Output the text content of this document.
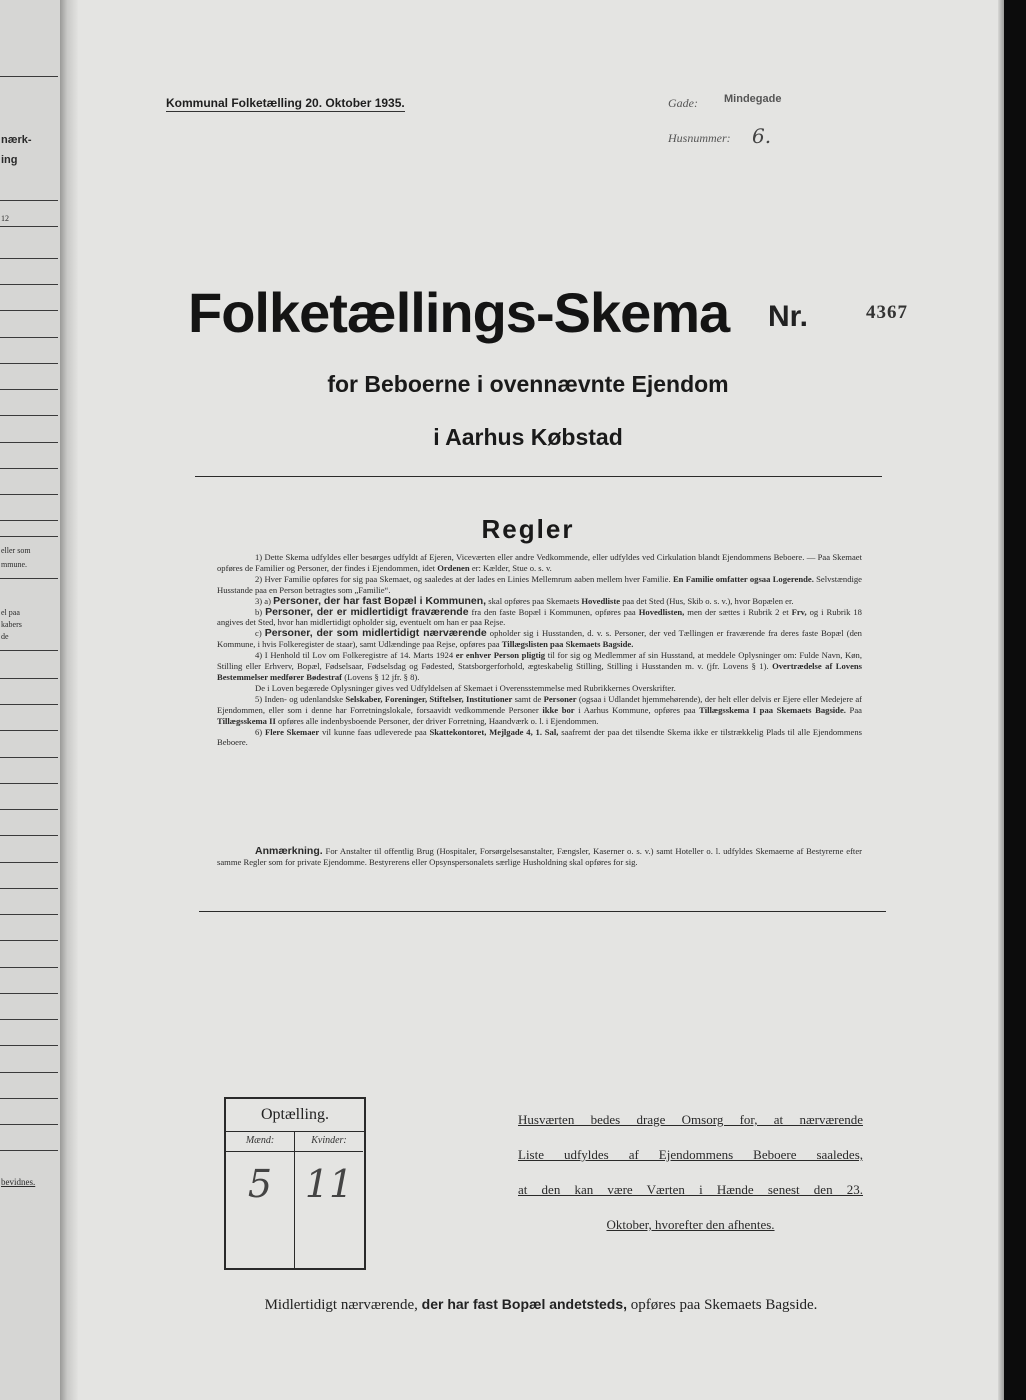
nærk-
ing
12
eller som
mmune.
el paa
kabers
de
bevidnes.
Kommunal Folketælling 20. Oktober 1935.	Gade: Mindegade
Husnummer: 6.
Folketællings-Skema Nr.	4367
for Beboerne i ovennævnte Ejendom
i Aarhus Købstad
Regler

1) Dette Skema udfyldes eller besørges udfyldt af Ejeren, Viceværten eller andre Vedkommende, eller udfyldes ved Cirkulation blandt Ejendommens Beboere. — Paa Skemaet opføres de Familier og Personer, der findes i Ejendommen, idet Ordenen er: Kælder, Stue o. s. v.

2) Hver Familie opføres for sig paa Skemaet, og saaledes at der lades en Linies Mellemrum aaben mellem hver Familie. En Familie omfatter ogsaa Logerende. Selvstændige Husstande paa en Person betragtes som „Familie“.

3) a) Personer, der har fast Bopæl i Kommunen, skal opføres paa Skemaets Hovedliste paa det Sted (Hus, Skib o. s. v.), hvor Bopælen er.

b) Personer, der er midlertidigt fraværende fra den faste Bopæl i Kommunen, opføres paa Hovedlisten, men der sættes i Rubrik 2 et Frv, og i Rubrik 18 angives det Sted, hvor han midlertidigt opholder sig, eventuelt om han er paa Rejse.

c) Personer, der som midlertidigt nærværende opholder sig i Husstanden, d. v. s. Personer, der ved Tællingen er fraværende fra deres faste Bopæl (den Kommune, i hvis Folkeregister de staar), samt Udlændinge paa Rejse, opføres paa Tillægslisten paa Skemaets Bagside.

4) I Henhold til Lov om Folkeregistre af 14. Marts 1924 er enhver Person pligtig til for sig og Medlemmer af sin Husstand, at meddele Oplysninger om: Fulde Navn, Køn, Stilling eller Erhverv, Bopæl, Fødselsaar, Fødselsdag og Fødested, Statsborgerforhold, ægteskabelig Stilling, Stilling i Husstanden m. v. (jfr. Lovens § 1). Overtrædelse af Lovens Bestemmelser medfører Bødestraf (Lovens § 12 jfr. § 8).

De i Loven begærede Oplysninger gives ved Udfyldelsen af Skemaet i Overensstemmelse med Rubrikkernes Overskrifter.

5) Inden- og udenlandske Selskaber, Foreninger, Stiftelser, Institutioner samt de Personer (ogsaa i Udlandet hjemmehørende), der helt eller delvis er Ejere eller Medejere af Ejendommen, eller som i denne har Forretningslokale, forsaavidt vedkommende Personer ikke bor i Aarhus Kommune, opføres paa Tillægsskema I paa Skemaets Bagside. Paa Tillægsskema II opføres alle indenbysboende Personer, der driver Forretning, Haandværk o. l. i Ejendommen.

6) Flere Skemaer vil kunne faas udleverede paa Skattekontoret, Mejlgade 4, 1. Sal, saafremt der paa det tilsendte Skema ikke er tilstrækkelig Plads til alle Ejendommens Beboere.

Anmærkning. For Anstalter til offentlig Brug (Hospitaler, Forsørgelsesanstalter, Fængsler, Kaserner o. s. v.) samt Hoteller o. l. udfyldes Skemaerne af Bestyrerne efter samme Regler som for private Ejendomme. Bestyrerens eller Opsynspersonalets særlige Husholdning skal opføres for sig.

Optælling.
Mænd:
5
Kvinder:
11
Husværten bedes drage Omsorg for, at nærværende
Liste udfyldes af Ejendommens Beboere saaledes,
at den kan være Værten i Hænde senest den 23.
Oktober, hvorefter den afhentes.
Midlertidigt nærværende, der har fast Bopæl andetsteds, opføres paa Skemaets Bagside.
